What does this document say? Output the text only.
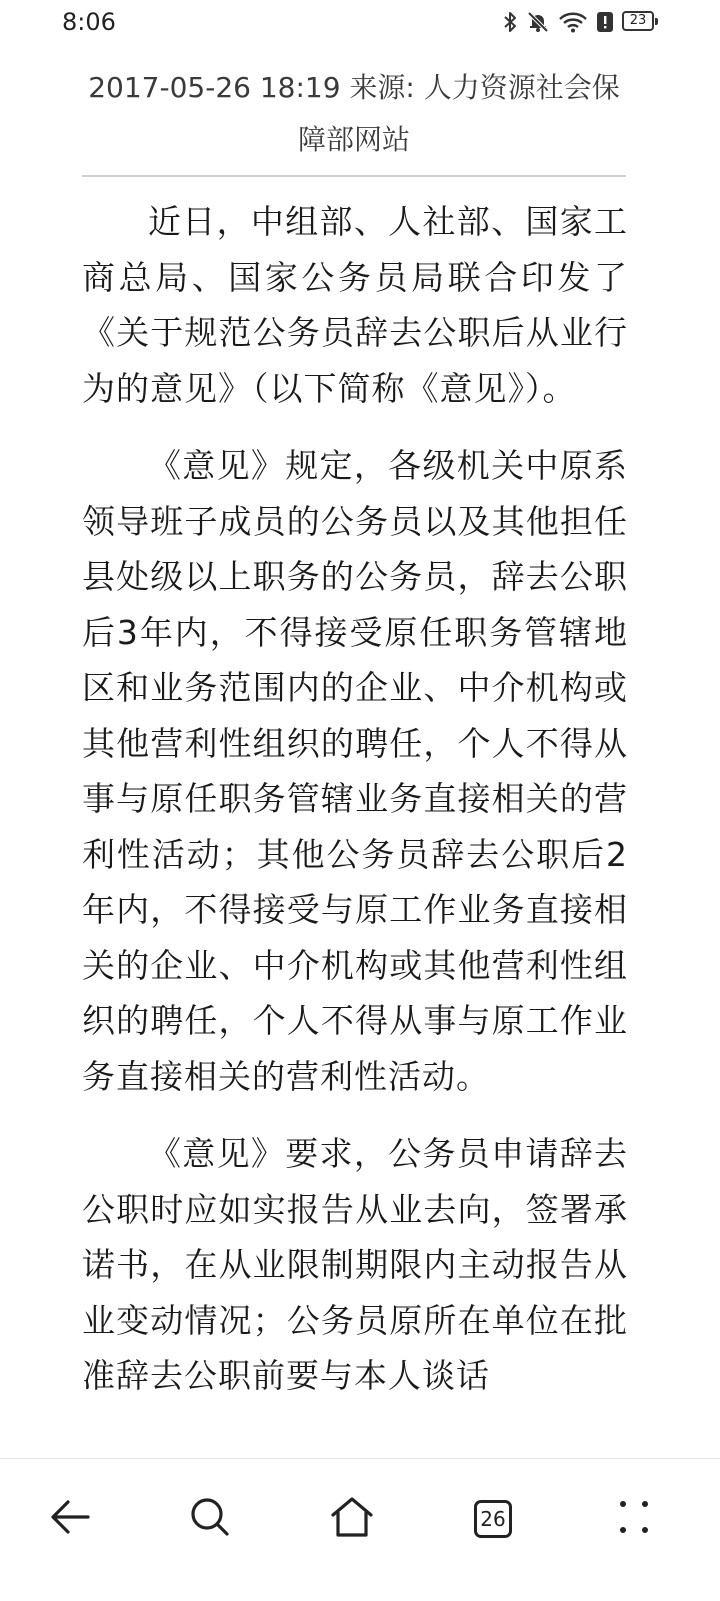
8:06	23
2017-05-26 18:19 来源: 人力资源社会保障部网站

近日，中组部、人社部、国家工商总局、国家公务员局联合印发了《关于规范公务员辞去公职后从业行为的意见》（以下简称《意见》）。

《意见》规定，各级机关中原系领导班子成员的公务员以及其他担任县处级以上职务的公务员，辞去公职后3年内，不得接受原任职务管辖地区和业务范围内的企业、中介机构或其他营利性组织的聘任，个人不得从事与原任职务管辖业务直接相关的营利性活动；其他公务员辞去公职后2年内，不得接受与原工作业务直接相关的企业、中介机构或其他营利性组织的聘任，个人不得从事与原工作业务直接相关的营利性活动。

《意见》要求，公务员申请辞去公职时应如实报告从业去向，签署承诺书，在从业限制期限内主动报告从业变动情况；公务员原所在单位在批准辞去公职前要与本人谈话

26
